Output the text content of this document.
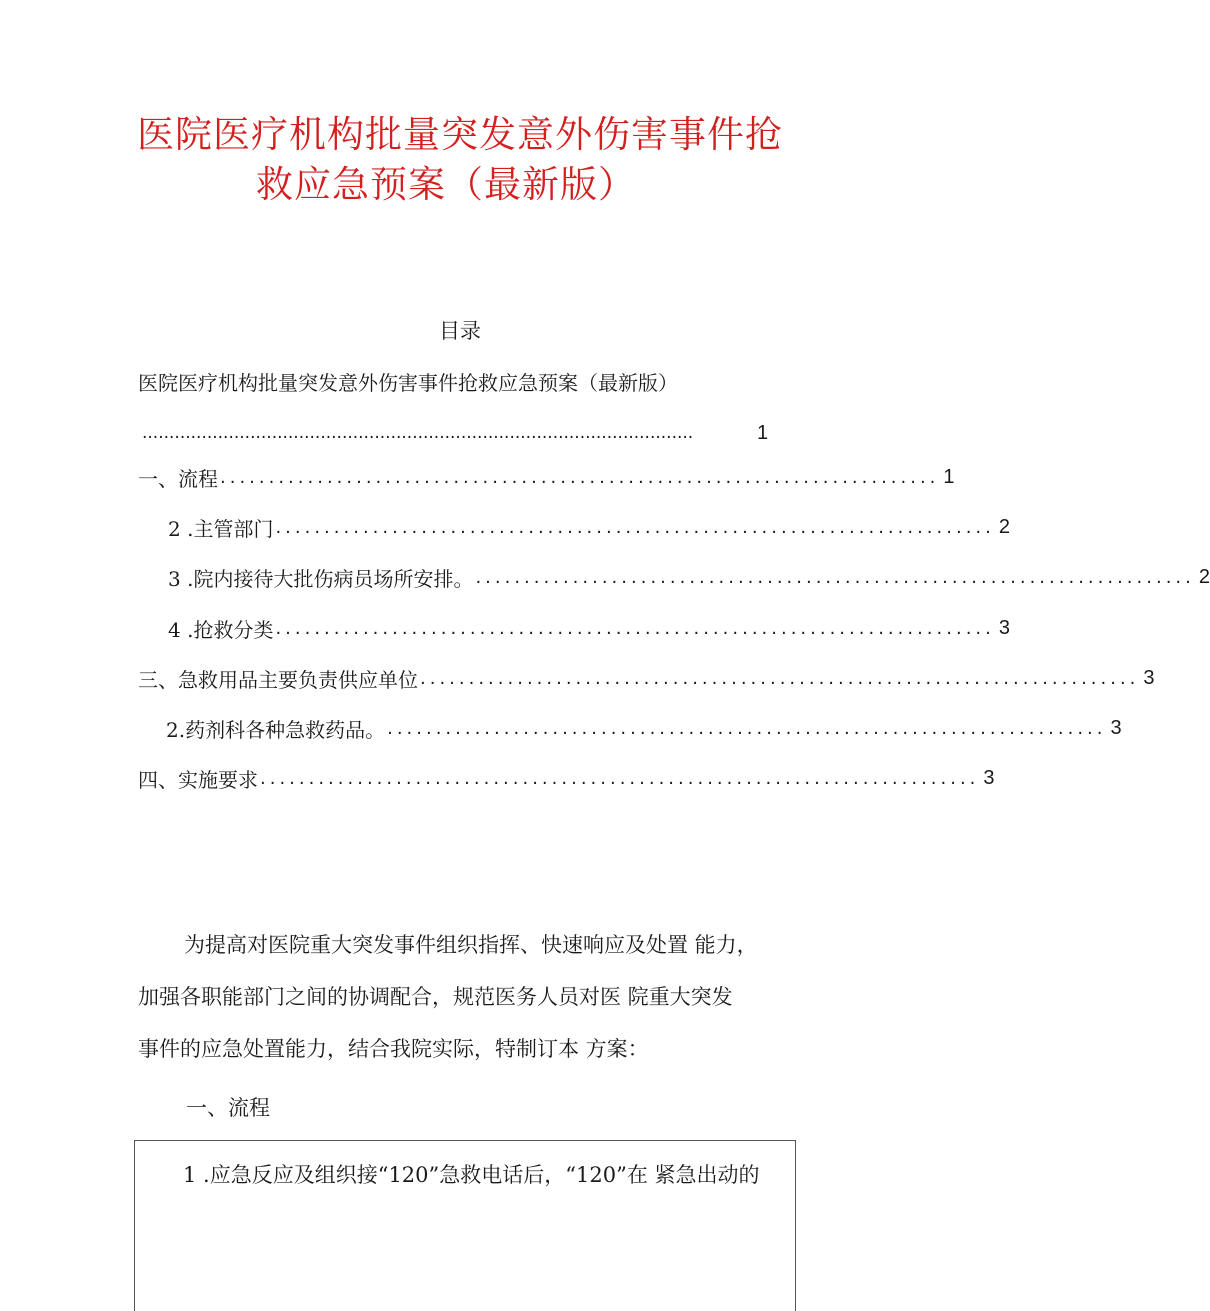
医院医疗机构批量突发意外伤害事件抢
救应急预案（最新版）
目录
医院医疗机构批量突发意外伤害事件抢救应急预案（最新版）
......................................................................................................	1
一、流程 .......................................................................... 1
2 .主管部门 .......................................................................... 2
3 .院内接待大批伤病员场所安排。 .......................................................................... 2
4 .抢救分类 .......................................................................... 3
三、急救用品主要负责供应单位 .......................................................................... 3
2.药剂科各种急救药品。 .......................................................................... 3
四、实施要求 .......................................................................... 3
为提高对医院重大突发事件组织指挥、快速响应及处置 能力，
加强各职能部门之间的协调配合，规范医务人员对医 院重大突发
事件的应急处置能力，结合我院实际，特制订本 方案：
一、流程
1 .应急反应及组织接“120”急救电话后，“120”在 紧急出动的
